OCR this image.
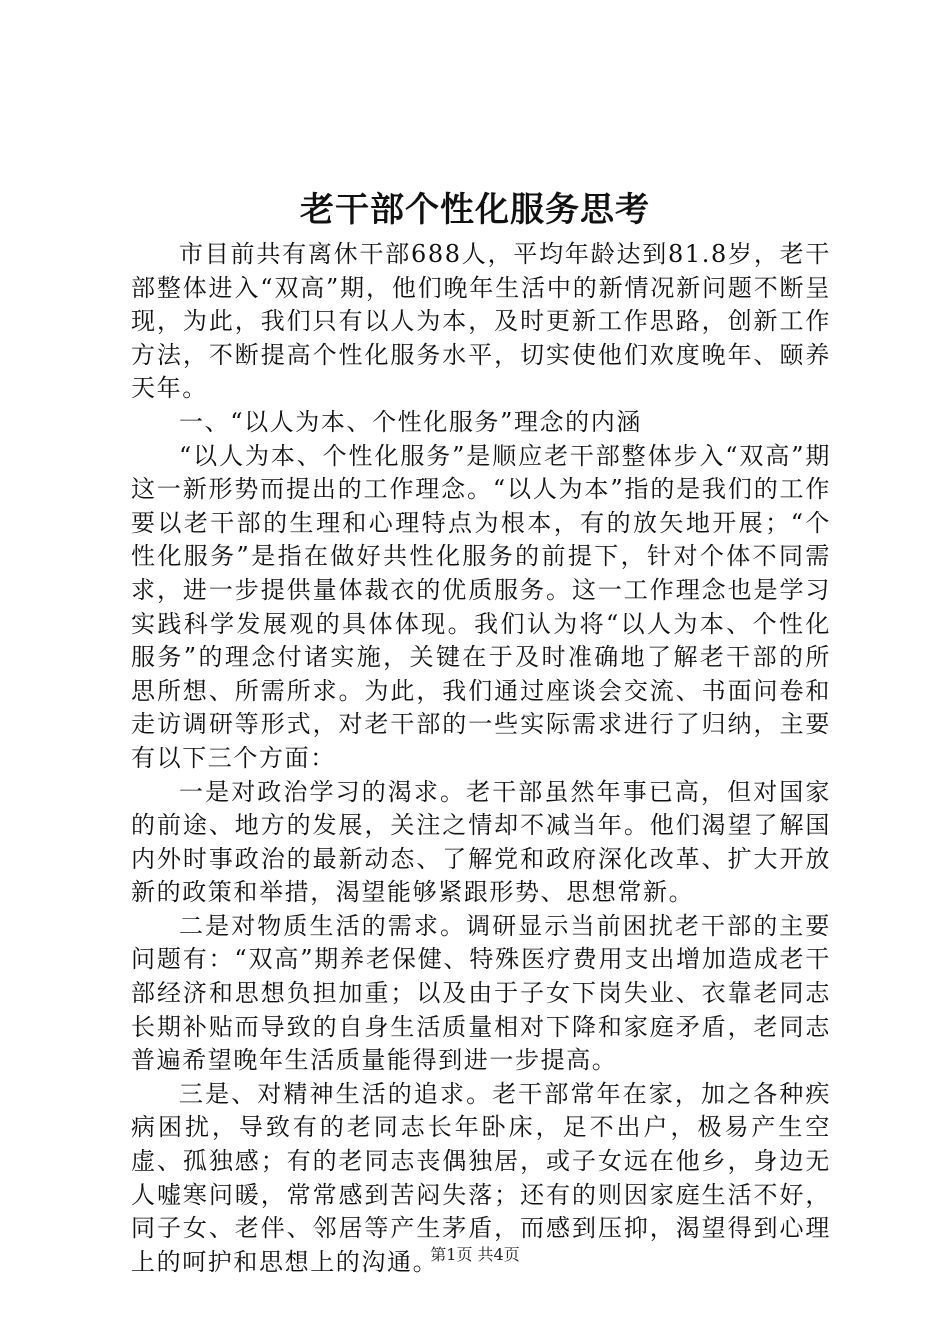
老干部个性化服务思考

市目前共有离休干部688人，平均年龄达到81.8岁，老干部整体进入“双高”期，他们晚年生活中的新情况新问题不断呈现，为此，我们只有以人为本，及时更新工作思路，创新工作方法，不断提高个性化服务水平，切实使他们欢度晚年、颐养天年。

一、“以人为本、个性化服务”理念的内涵

“以人为本、个性化服务”是顺应老干部整体步入“双高”期这一新形势而提出的工作理念。“以人为本”指的是我们的工作要以老干部的生理和心理特点为根本，有的放矢地开展；“个性化服务”是指在做好共性化服务的前提下，针对个体不同需求，进一步提供量体裁衣的优质服务。这一工作理念也是学习实践科学发展观的具体体现。我们认为将“以人为本、个性化服务”的理念付诸实施，关键在于及时准确地了解老干部的所思所想、所需所求。为此，我们通过座谈会交流、书面问卷和走访调研等形式，对老干部的一些实际需求进行了归纳，主要有以下三个方面：

一是对政治学习的渴求。老干部虽然年事已高，但对国家的前途、地方的发展，关注之情却不减当年。他们渴望了解国内外时事政治的最新动态、了解党和政府深化改革、扩大开放新的政策和举措，渴望能够紧跟形势、思想常新。

二是对物质生活的需求。调研显示当前困扰老干部的主要问题有：“双高”期养老保健、特殊医疗费用支出增加造成老干部经济和思想负担加重；以及由于子女下岗失业、衣靠老同志长期补贴而导致的自身生活质量相对下降和家庭矛盾，老同志普遍希望晚年生活质量能得到进一步提高。

三是、对精神生活的追求。老干部常年在家，加之各种疾病困扰，导致有的老同志长年卧床，足不出户，极易产生空虚、孤独感；有的老同志丧偶独居，或子女远在他乡，身边无人嘘寒问暖，常常感到苦闷失落；还有的则因家庭生活不好，同子女、老伴、邻居等产生茅盾，而感到压抑，渴望得到心理上的呵护和思想上的沟通。

第1页 共4页
